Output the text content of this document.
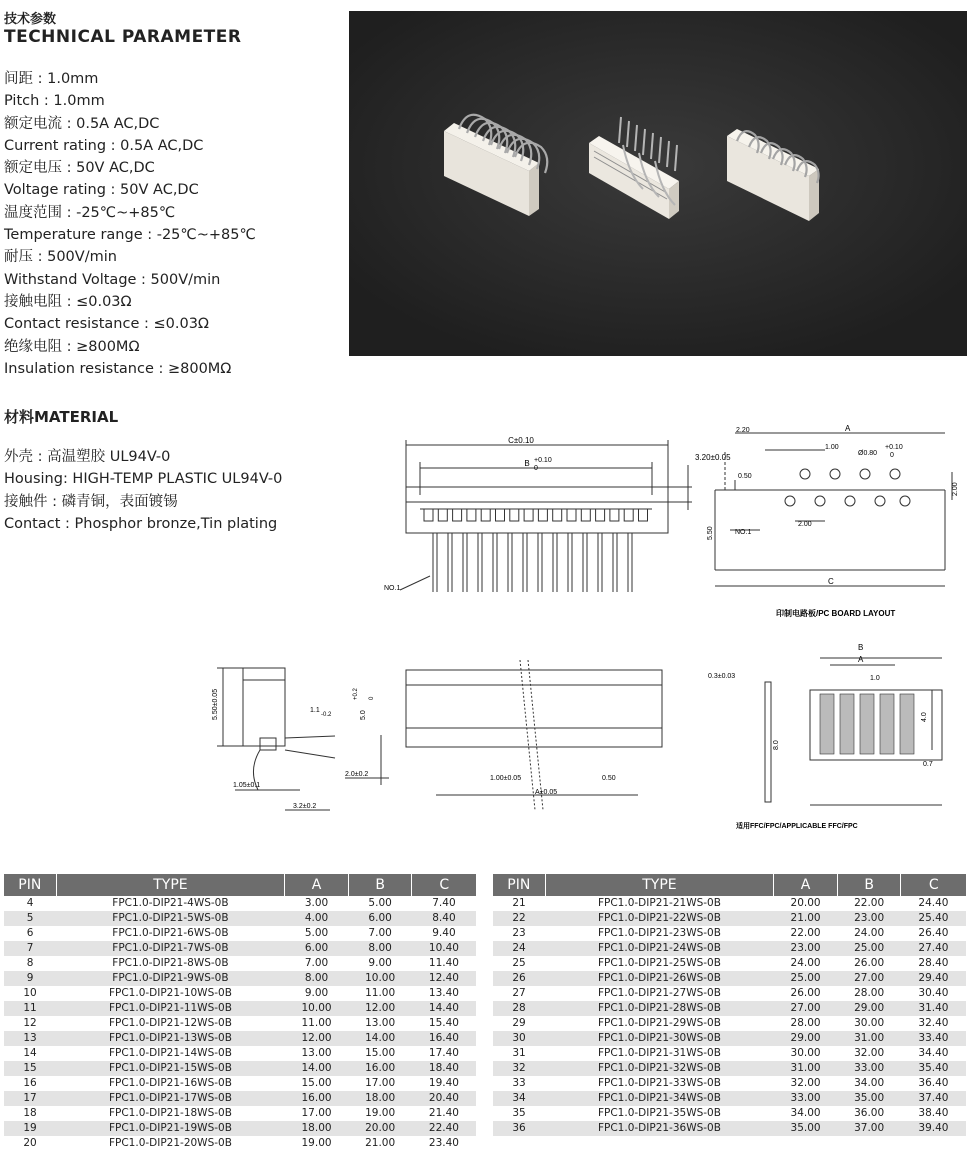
技术参数
TECHNICAL PARAMETER
间距 : 1.0mm
Pitch : 1.0mm
额定电流 : 0.5A AC,DC
Current rating : 0.5A AC,DC
额定电压 : 50V AC,DC
Voltage rating : 50V AC,DC
温度范围 : -25℃~+85℃
Temperature range : -25℃~+85℃
耐压 : 500V/min
Withstand Voltage : 500V/min
接触电阻 : ≤0.03Ω
Contact resistance : ≤0.03Ω
绝缘电阻 : ≥800MΩ
Insulation resistance : ≥800MΩ
材料MATERIAL
外壳 : 高温塑胶 UL94V-0
Housing: HIGH-TEMP PLASTIC UL94V-0
接触件 : 磷青铜，表面镀锡
Contact : Phosphor bronze,Tin plating
C±0.10
B +0.10
0
3.20±0.05
NO.1
2.20	A
1.00
Ø0.80
+0.10
0
0.50
2.00
5.50	NO.1
2.00
C
印制电路板/PC BOARD LAYOUT
1.00±0.05	0.50
A±0.05
0.3±0.03
8.0
B
A
1.0
4.0
0.7
适用FFC/FPC/APPLICABLE FFC/FPC
5.50±0.05	1.1
-0.2	5.0
+0.2 0
2.0±0.2
1.05±0.1
3.2±0.2
PIN	TYPE	A	B	C
4	FPC1.0-DIP21-4WS-0B	3.00	5.00	7.40
5	FPC1.0-DIP21-5WS-0B	4.00	6.00	8.40
6	FPC1.0-DIP21-6WS-0B	5.00	7.00	9.40
7	FPC1.0-DIP21-7WS-0B	6.00	8.00	10.40
8	FPC1.0-DIP21-8WS-0B	7.00	9.00	11.40
9	FPC1.0-DIP21-9WS-0B	8.00	10.00	12.40
10	FPC1.0-DIP21-10WS-0B	9.00	11.00	13.40
11	FPC1.0-DIP21-11WS-0B	10.00	12.00	14.40
12	FPC1.0-DIP21-12WS-0B	11.00	13.00	15.40
13	FPC1.0-DIP21-13WS-0B	12.00	14.00	16.40
14	FPC1.0-DIP21-14WS-0B	13.00	15.00	17.40
15	FPC1.0-DIP21-15WS-0B	14.00	16.00	18.40
16	FPC1.0-DIP21-16WS-0B	15.00	17.00	19.40
17	FPC1.0-DIP21-17WS-0B	16.00	18.00	20.40
18	FPC1.0-DIP21-18WS-0B	17.00	19.00	21.40
19	FPC1.0-DIP21-19WS-0B	18.00	20.00	22.40
20	FPC1.0-DIP21-20WS-0B	19.00	21.00	23.40
PIN	TYPE	A	B	C
21	FPC1.0-DIP21-21WS-0B	20.00	22.00	24.40
22	FPC1.0-DIP21-22WS-0B	21.00	23.00	25.40
23	FPC1.0-DIP21-23WS-0B	22.00	24.00	26.40
24	FPC1.0-DIP21-24WS-0B	23.00	25.00	27.40
25	FPC1.0-DIP21-25WS-0B	24.00	26.00	28.40
26	FPC1.0-DIP21-26WS-0B	25.00	27.00	29.40
27	FPC1.0-DIP21-27WS-0B	26.00	28.00	30.40
28	FPC1.0-DIP21-28WS-0B	27.00	29.00	31.40
29	FPC1.0-DIP21-29WS-0B	28.00	30.00	32.40
30	FPC1.0-DIP21-30WS-0B	29.00	31.00	33.40
31	FPC1.0-DIP21-31WS-0B	30.00	32.00	34.40
32	FPC1.0-DIP21-32WS-0B	31.00	33.00	35.40
33	FPC1.0-DIP21-33WS-0B	32.00	34.00	36.40
34	FPC1.0-DIP21-34WS-0B	33.00	35.00	37.40
35	FPC1.0-DIP21-35WS-0B	34.00	36.00	38.40
36	FPC1.0-DIP21-36WS-0B	35.00	37.00	39.40
